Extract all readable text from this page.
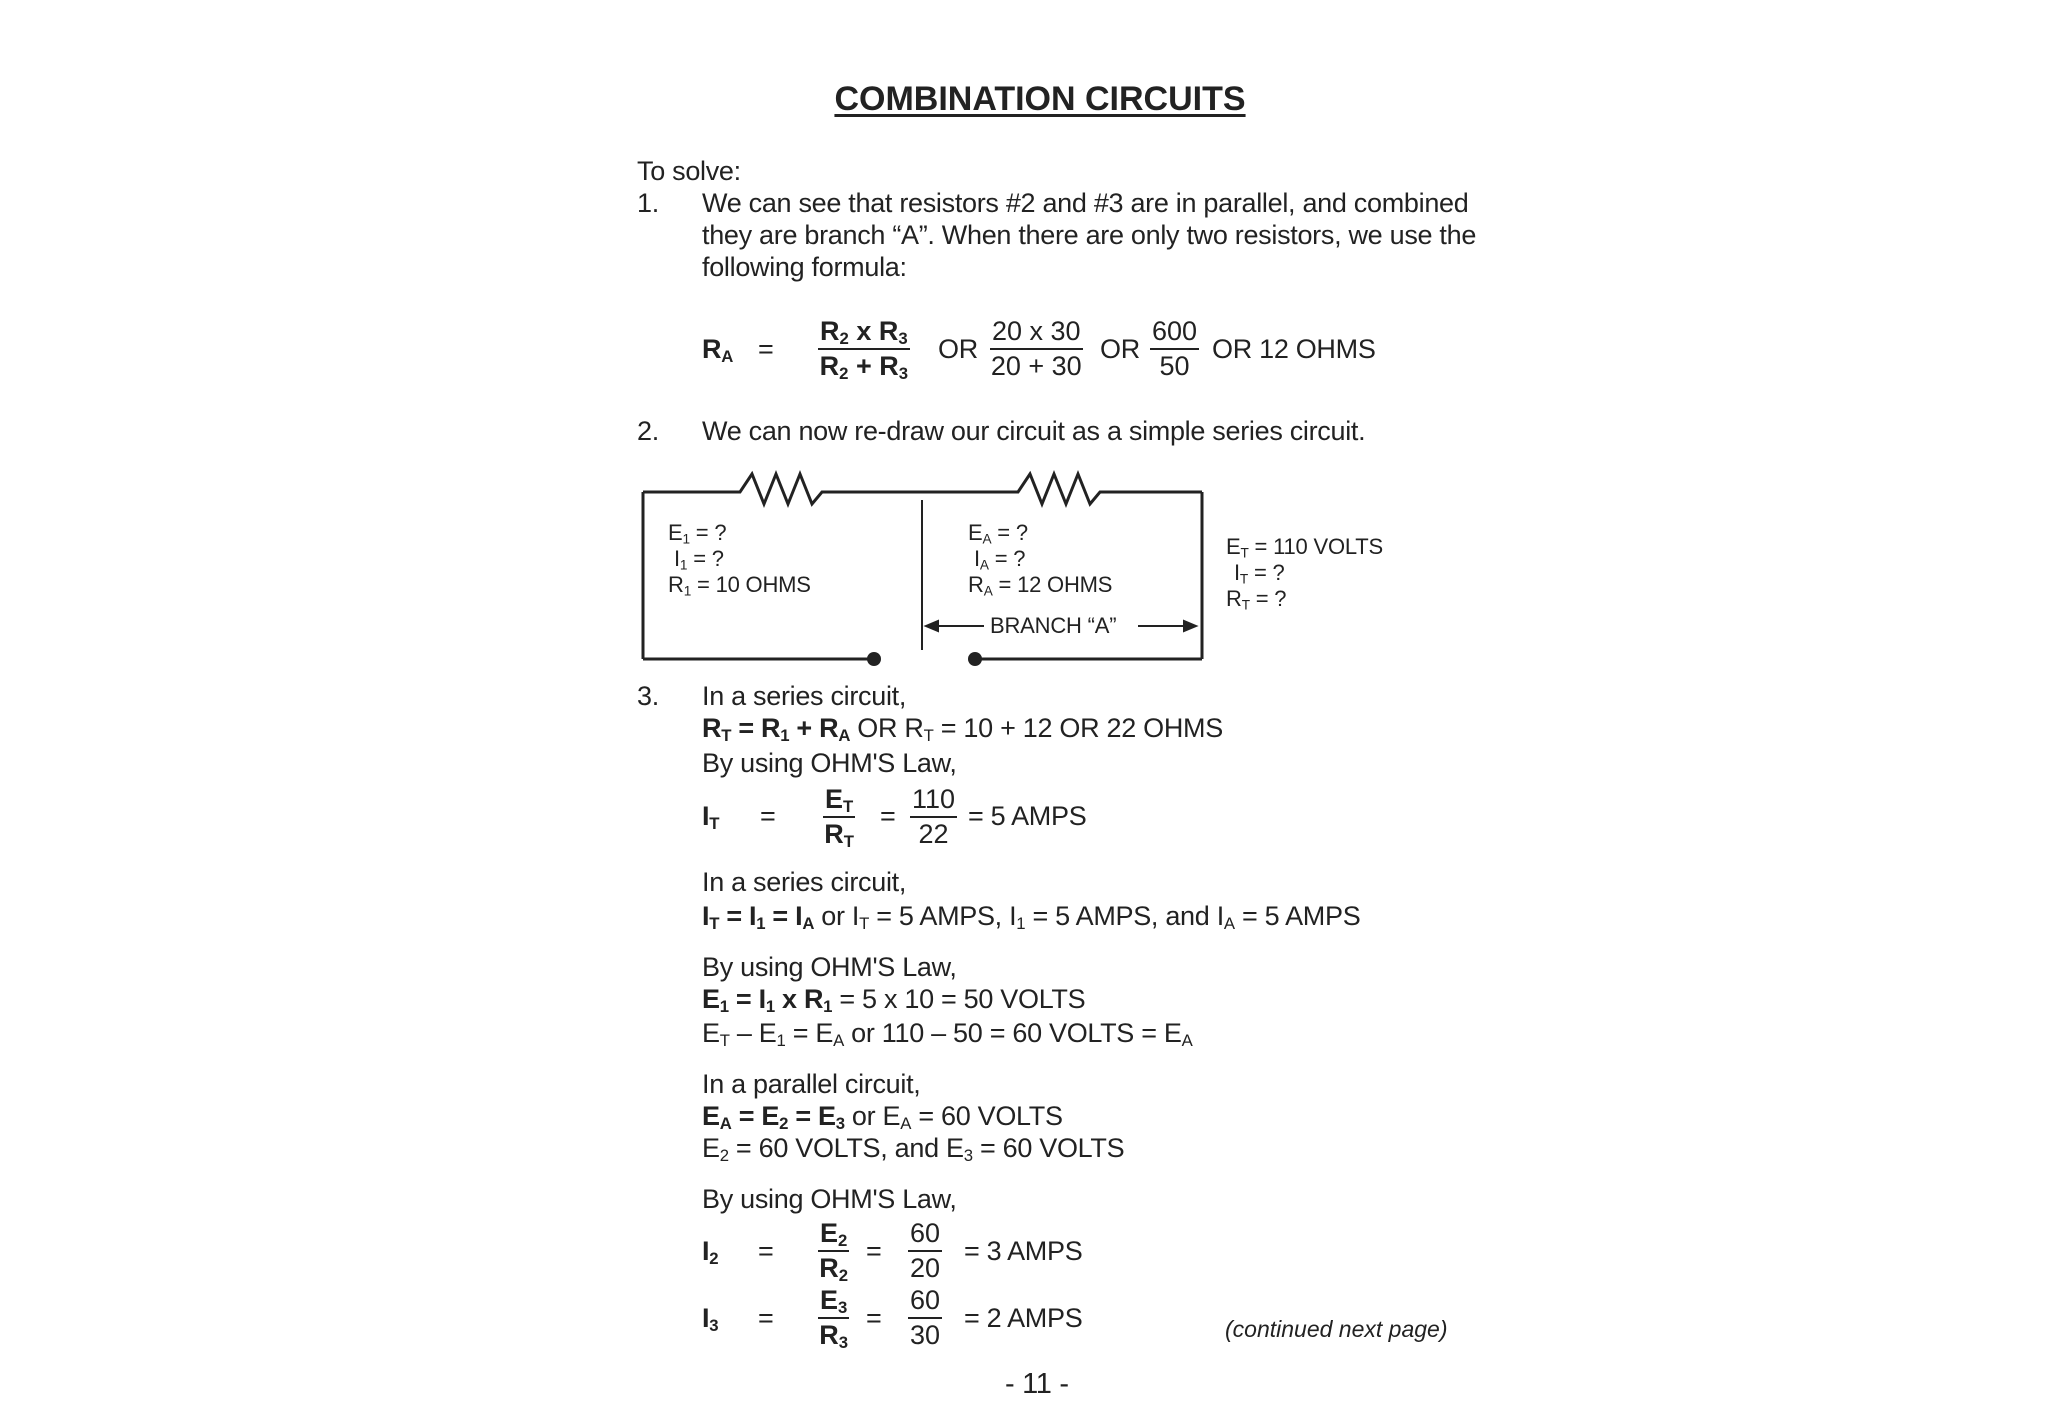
COMBINATION CIRCUITS
To solve:
1. We can see that resistors #2 and #3 are in parallel, and combined
they are branch “A”. When there are only two resistors, we use the
following formula:
$R_A = \frac{R_2 x R_3}{R_2 + R_3}$ OR $\frac{20 x 30}{20 + 30}$ OR $\frac{600}{50}$ OR 12 OHMS
2. We can now re-draw our circuit as a simple series circuit.
$E_1$ = ?
$I_1$ = ?
$R_1 = 10$ OHMS
$E_A$ = ?
$I_A$ = ?
$R_A = 12$ OHMS
BRANCH “A”
$E_T = 110$ VOLTS
$I_T$ = ?
$R_T$ = ?
3. In a series circuit,
$R_T = R_1 + R_A$ OR $R_T = 10 + 12$ OR 22 OHMS
By using OHM'S Law,
$I_T = \frac{E_T}{R_T} = \frac{110}{22} = 5$ AMPS
In a series circuit,
$I_T = I_1 = I_A$ or $I_T = 5$ AMPS, $I_1 = 5$ AMPS, and $I_A = 5$ AMPS
By using OHM'S Law,
$E_1 = I_1$ x $R_1 = 5$ x 10 = 50 VOLTS
$E_T - E_1 = E_A$ or 110 – 50 = 60 VOLTS = $E_A$
In a parallel circuit,
$E_A = E_2 = E_3$ or $E_A = 60$ VOLTS
$E_2 = 60$ VOLTS, and $E_3 = 60$ VOLTS
By using OHM'S Law,
$I_2 = \frac{E_2}{R_2} = \frac{60}{20} = 3$ AMPS
$I_3 = \frac{E_3}{R_3} = \frac{60}{30} = 2$ AMPS	(continued next page)
- 11 -
